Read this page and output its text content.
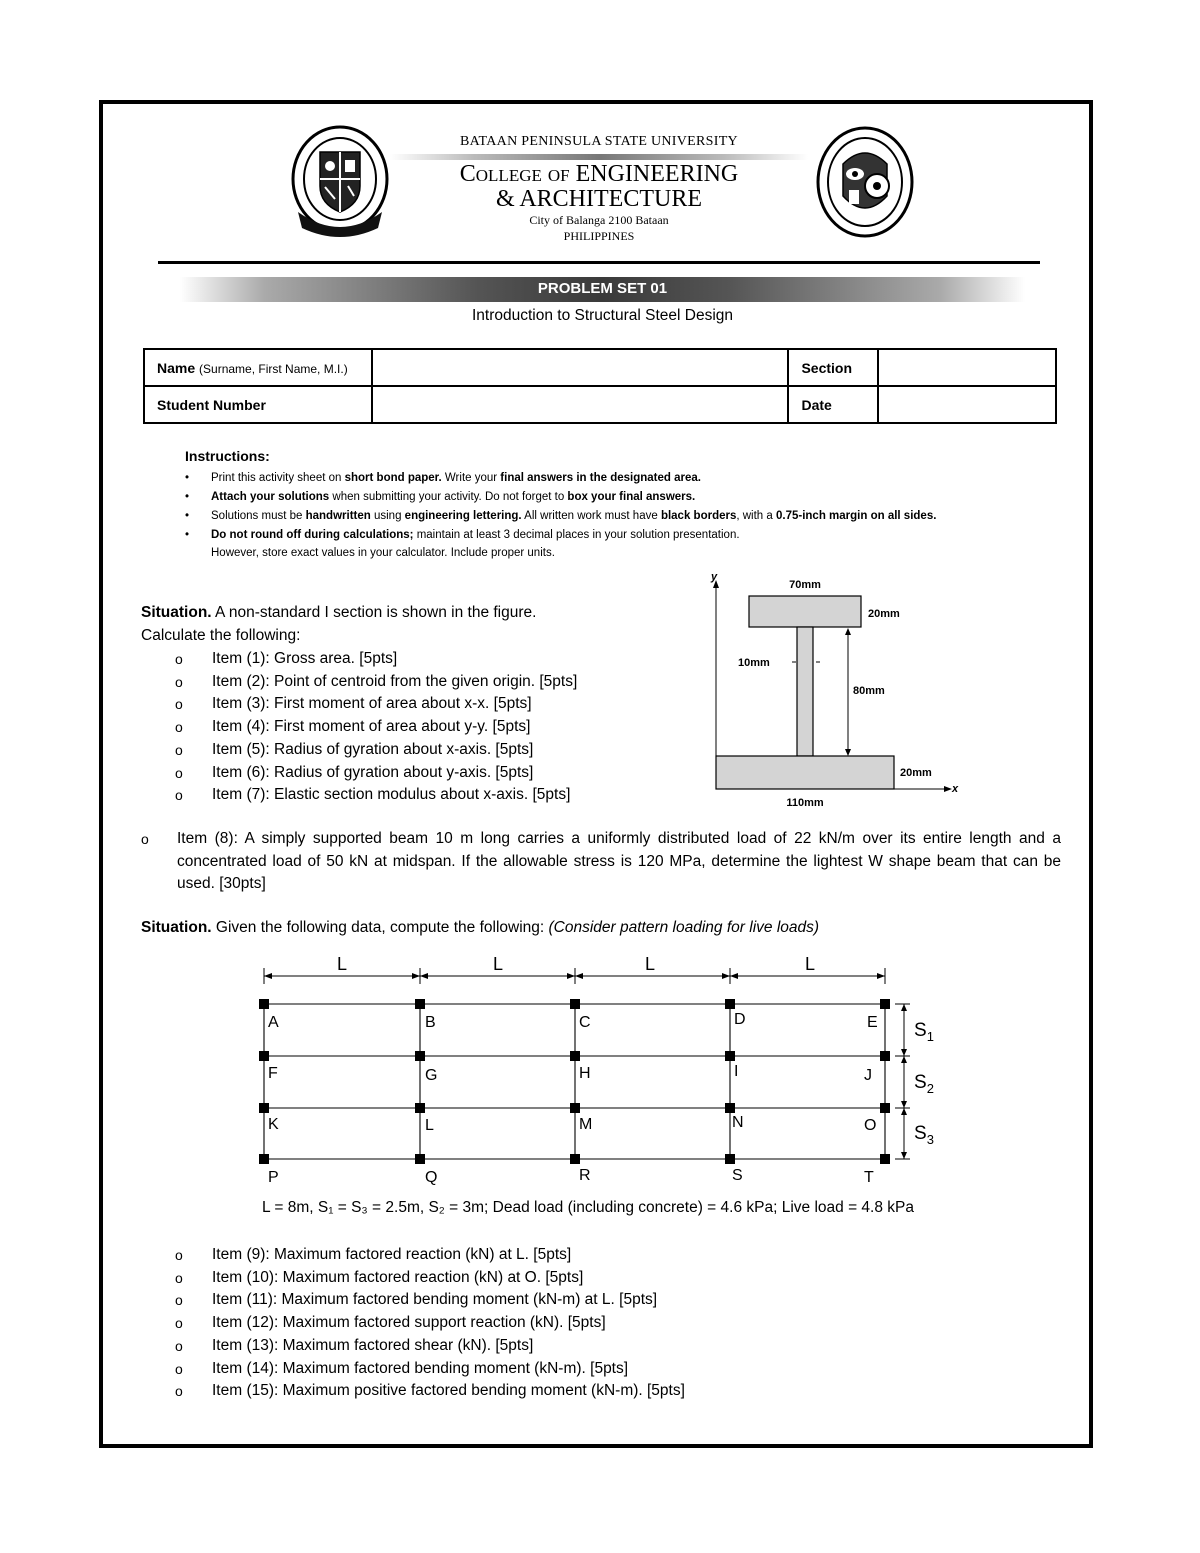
BATAAN PENINSULA STATE UNIVERSITY
College of ENGINEERING
& ARCHITECTURE
City of Balanga 2100 Bataan
PHILIPPINES
PROBLEM SET 01
Introduction to Structural Steel Design
Name (Surname, First Name, M.I.)		Section	
Student Number		Date	
Instructions:
• Print this activity sheet on short bond paper. Write your final answers in the designated area.
• Attach your solutions when submitting your activity. Do not forget to box your final answers.
• Solutions must be handwritten using engineering lettering. All written work must have black borders, with a 0.75-inch margin on all sides.
• Do not round off during calculations; maintain at least 3 decimal places in your solution presentation.
However, store exact values in your calculator. Include proper units.
Situation. A non-standard I section is shown in the figure.
Calculate the following:
o Item (1): Gross area. [5pts]
o Item (2): Point of centroid from the given origin. [5pts]
o Item (3): First moment of area about x-x. [5pts]
o Item (4): First moment of area about y-y. [5pts]
o Item (5): Radius of gyration about x-axis. [5pts]
o Item (6): Radius of gyration about y-axis. [5pts]
o Item (7): Elastic section modulus about x-axis. [5pts]
y
x
70mm
20mm
10mm
80mm
20mm
110mm
o Item (8): A simply supported beam 10 m long carries a uniformly distributed load of 22 kN/m over its entire length and a concentrated load of 50 kN at midspan. If the allowable stress is 120 MPa, determine the lightest W shape beam that can be used. [30pts]
Situation. Given the following data, compute the following: (Consider pattern loading for live loads)
L	L	L	L
A	B	C	D	E
F	G	H	I	J
K	L	M	N	O
P	Q	R	S	T
$S_1$
$S_2$
$S_3$
L = 8m, S₁ = S₃ = 2.5m, S₂ = 3m; Dead load (including concrete) = 4.6 kPa; Live load = 4.8 kPa
o Item (9): Maximum factored reaction (kN) at L. [5pts]
o Item (10): Maximum factored reaction (kN) at O. [5pts]
o Item (11): Maximum factored bending moment (kN-m) at L. [5pts]
o Item (12): Maximum factored support reaction (kN). [5pts]
o Item (13): Maximum factored shear (kN). [5pts]
o Item (14): Maximum factored bending moment (kN-m). [5pts]
o Item (15): Maximum positive factored bending moment (kN-m). [5pts]
